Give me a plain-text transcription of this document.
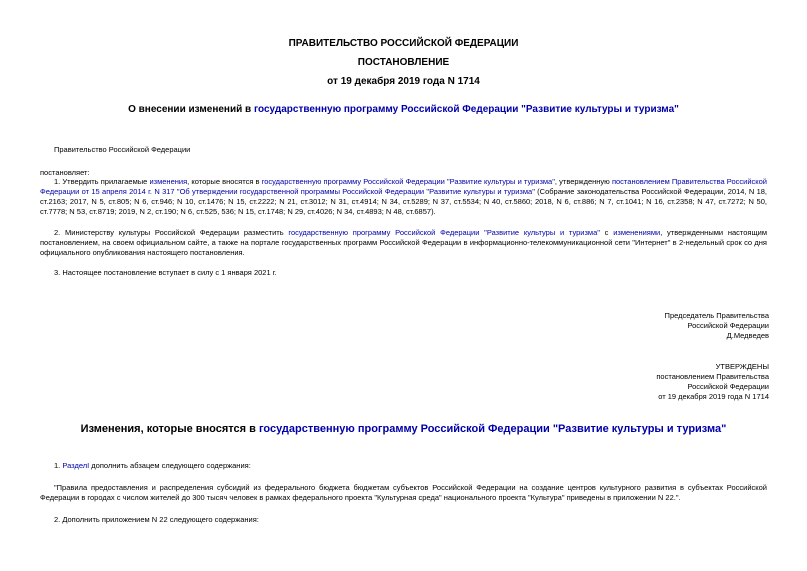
ПРАВИТЕЛЬСТВО РОССИЙСКОЙ ФЕДЕРАЦИИ
ПОСТАНОВЛЕНИЕ
от 19 декабря 2019 года N 1714
О внесении изменений в государственную программу Российской Федерации "Развитие культуры и туризма"
Правительство Российской Федерации
постановляет:

1. Утвердить прилагаемые изменения, которые вносятся в государственную программу Российской Федерации "Развитие культуры и туризма", утвержденную постановлением Правительства Российской Федерации от 15 апреля 2014 г. N 317 "Об утверждении государственной программы Российской Федерации "Развитие культуры и туризма" (Собрание законодательства Российской Федерации, 2014, N 18, ст.2163; 2017, N 5, ст.805; N 6, ст.946; N 10, ст.1476; N 15, ст.2222; N 21, ст.3012; N 31, ст.4914; N 34, ст.5289; N 37, ст.5534; N 40, ст.5860; 2018, N 6, ст.886; N 7, ст.1041; N 16, ст.2358; N 47, ст.7272; N 50, ст.7778; N 53, ст.8719; 2019, N 2, ст.190; N 6, ст.525, 536; N 15, ст.1748; N 29, ст.4026; N 34, ст.4893; N 48, ст.6857).

2. Министерству культуры Российской Федерации разместить государственную программу Российской Федерации "Развитие культуры и туризма" с изменениями, утвержденными настоящим постановлением, на своем официальном сайте, а также на портале государственных программ Российской Федерации в информационно-телекоммуникационной сети "Интернет" в 2-недельный срок со дня официального опубликования настоящего постановления.

3. Настоящее постановление вступает в силу с 1 января 2021 г.
Председатель Правительства
Российской Федерации
Д.Медведев
УТВЕРЖДЕНЫ
постановлением Правительства
Российской Федерации
от 19 декабря 2019 года N 1714
Изменения, которые вносятся в государственную программу Российской Федерации "Развитие культуры и туризма"
1. РазделI дополнить абзацем следующего содержания:

"Правила предоставления и распределения субсидий из федерального бюджета бюджетам субъектов Российской Федерации на создание центров культурного развития в субъектах Российской Федерации в городах с числом жителей до 300 тысяч человек в рамках федерального проекта "Культурная среда" национального проекта "Культура" приведены в приложении N 22.".

2. Дополнить приложением N 22 следующего содержания:
